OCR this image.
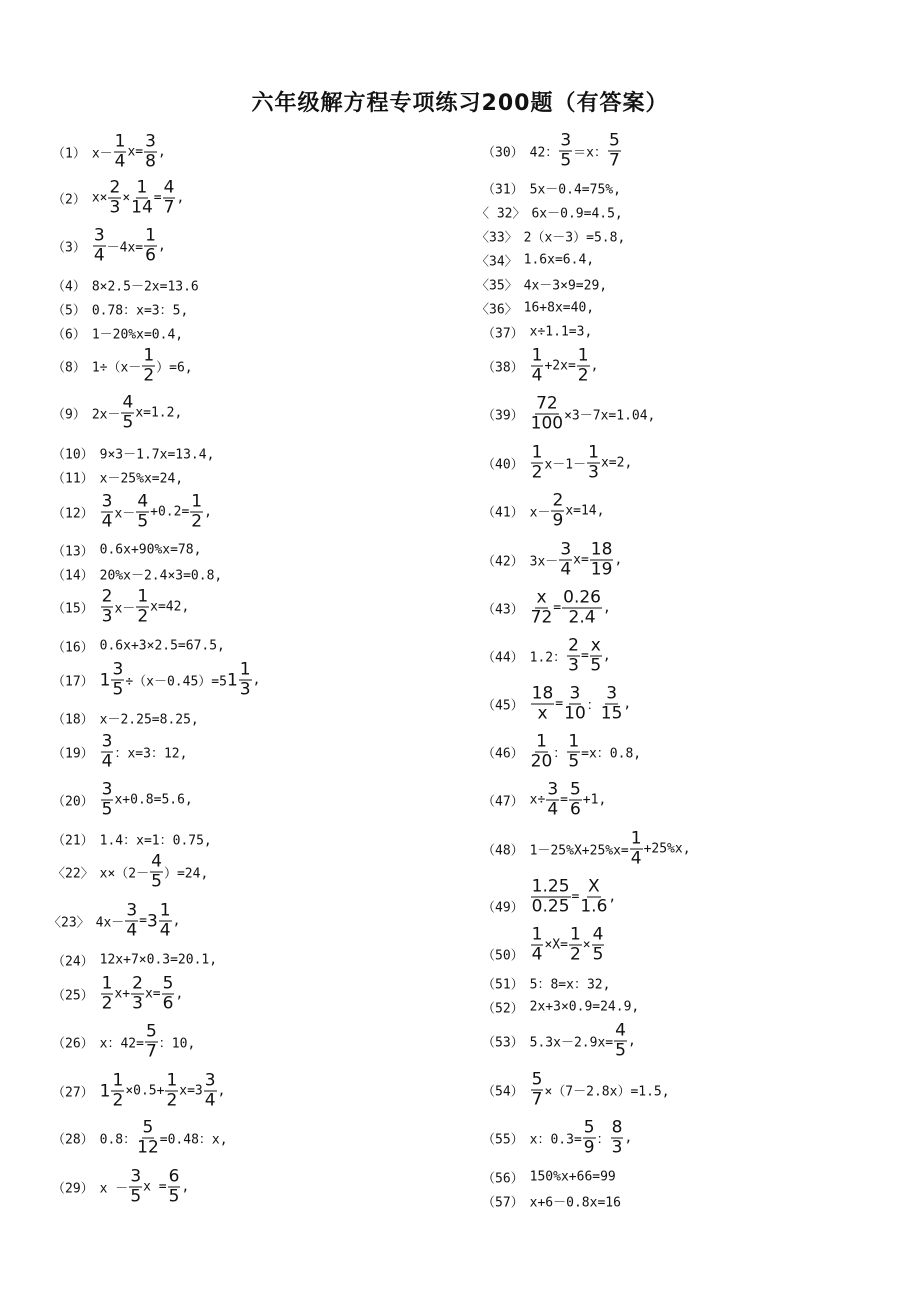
六年级解方程专项练习200题（有答案）
（1） $x- \frac{1}{4} x= \frac{3}{8}$ ,
（2） $x\times \frac{2}{3} \times \frac{1}{14} = \frac{4}{7}$ ,
$(3) \frac{3}{4} -4x= \frac{1}{6}$ ,
（4） 8×2.5－2x=13.6
（5） 0.78：x=3：5,
（6） 1－20%x=0.4,
（8） $1\div(x- \frac{1}{2} )=6$,
（9） $2x- \frac{4}{5} x=1.2$,
（10） 9×3－1.7x=13.4,
（11） x－25%x=24,
$(12) \frac{3}{4} x- \frac{4}{5} +0.2= \frac{1}{2}$ ,
（13） 0.6x+90%x=78,
（14） 20%x－2.4×3=0.8,
$(15) \frac{2}{3} x- \frac{1}{2} x=42$,
（16） 0.6x+3×2.5=67.5,
（17） $1 \frac{3}{5} \div(x-0.45)=5$ $1 \frac{1}{3}$ ,
（18） x－2.25=8.25,
$(19) \frac{3}{4}$ ：x=3：12,
$(20) \frac{3}{5} x+0.8=5.6$,
（21） 1.4：x=1：0.75,
〈22〉 $x\times(2- \frac{4}{5} )=24$,
〈23〉 $4x- \frac{3}{4} = 3 \frac{1}{4}$ ,
（24） 12x+7×0.3=20.1,
$(25) \frac{1}{2} x+ \frac{2}{3} x= \frac{5}{6}$ ,
（26） x：$42= \frac{5}{7}$ ：10,
（27） $1 \frac{1}{2} \times 0.5+ \frac{1}{2} x=3 \frac{3}{4}$ ,
（28） 0.8： $\frac{5}{12} =0.48$：x,
（29） $x - \frac{3}{5}$ $x = \frac{6}{5}$ ,
（30） 42： $\frac{3}{5} =x$： $\frac{5}{7}$
（31） 5x－0.4=75%,
〈 32〉 6x－0.9=4.5,
〈33〉 2（x－3）=5.8,
〈34〉 1.6x=6.4,
〈35〉 4x－3×9=29,
〈36〉 16+8x=40,
（37） x÷1.1=3,
$(38) \frac{1}{4} +2x= \frac{1}{2}$ ,
$(39) \frac{72}{100} \times 3-7x=1.04$,
$(40) \frac{1}{2} x-1- \frac{1}{3} x=2$,
（41） $x- \frac{2}{9} x=14$,
（42） $3x- \frac{3}{4} x= \frac{18}{19}$ ,
$(43) \frac{x}{72} = \frac{0.26}{2.4}$ ,
（44） 1.2： $\frac{2}{3} = \frac{x}{5}$ ,
$(45) \frac{18}{x} = \frac{3}{10}$ ： $\frac{3}{15}$ ,
$(46) \frac{1}{20}$ ： $\frac{1}{5} =x$：0.8,
（47） $x\div \frac{3}{4} = \frac{5}{6} +1$,
（48） $1-25\%X+25\%x= \frac{1}{4} +25\%x$,
$(49) \frac{1.25}{0.25} = \frac{X}{1.6}$ ,
$(50) \frac{1}{4} \times X= \frac{1}{2} \times \frac{4}{5}$
（51） 5：8=x：32,
（52） 2x+3×0.9=24.9,
（53） $5.3x-2.9x= \frac{4}{5}$ ,
$(54) \frac{5}{7} \times(7-2.8x)=1.5$,
（55） x：$0.3= \frac{5}{9}$ ： $\frac{8}{3}$ ,
（56） 150%x+66=99
（57） x+6－0.8x=16
